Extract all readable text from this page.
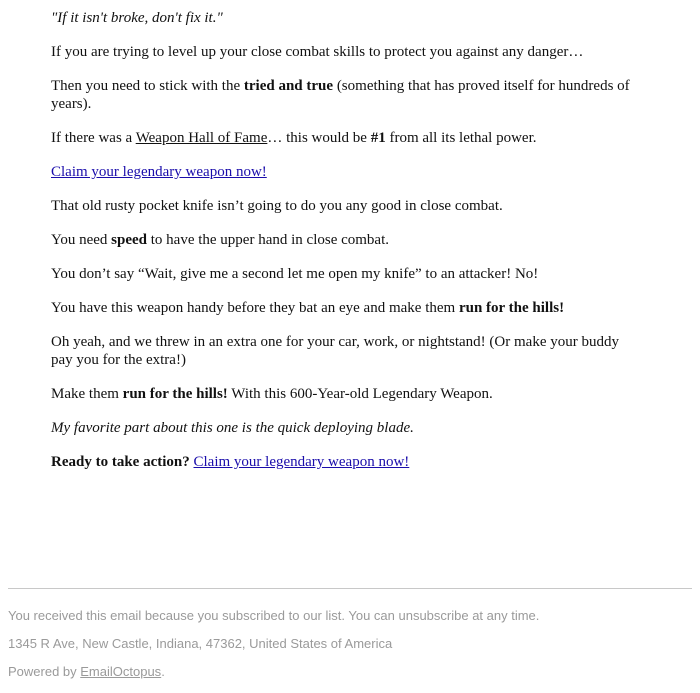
"If it isn't broke, don't fix it."

If you are trying to level up your close combat skills to protect you against any danger…

Then you need to stick with the tried and true (something that has proved itself for hundreds of years).

If there was a Weapon Hall of Fame… this would be #1 from all its lethal power.

Claim your legendary weapon now!

That old rusty pocket knife isn’t going to do you any good in close combat.

You need speed to have the upper hand in close combat.

You don’t say “Wait, give me a second let me open my knife” to an attacker! No!

You have this weapon handy before they bat an eye and make them run for the hills!

Oh yeah, and we threw in an extra one for your car, work, or nightstand! (Or make your buddy pay you for the extra!)

Make them run for the hills! With this 600-Year-old Legendary Weapon.

My favorite part about this one is the quick deploying blade.

Ready to take action? Claim your legendary weapon now!

You received this email because you subscribed to our list. You can unsubscribe at any time.

1345 R Ave, New Castle, Indiana, 47362, United States of America

Powered by EmailOctopus.
